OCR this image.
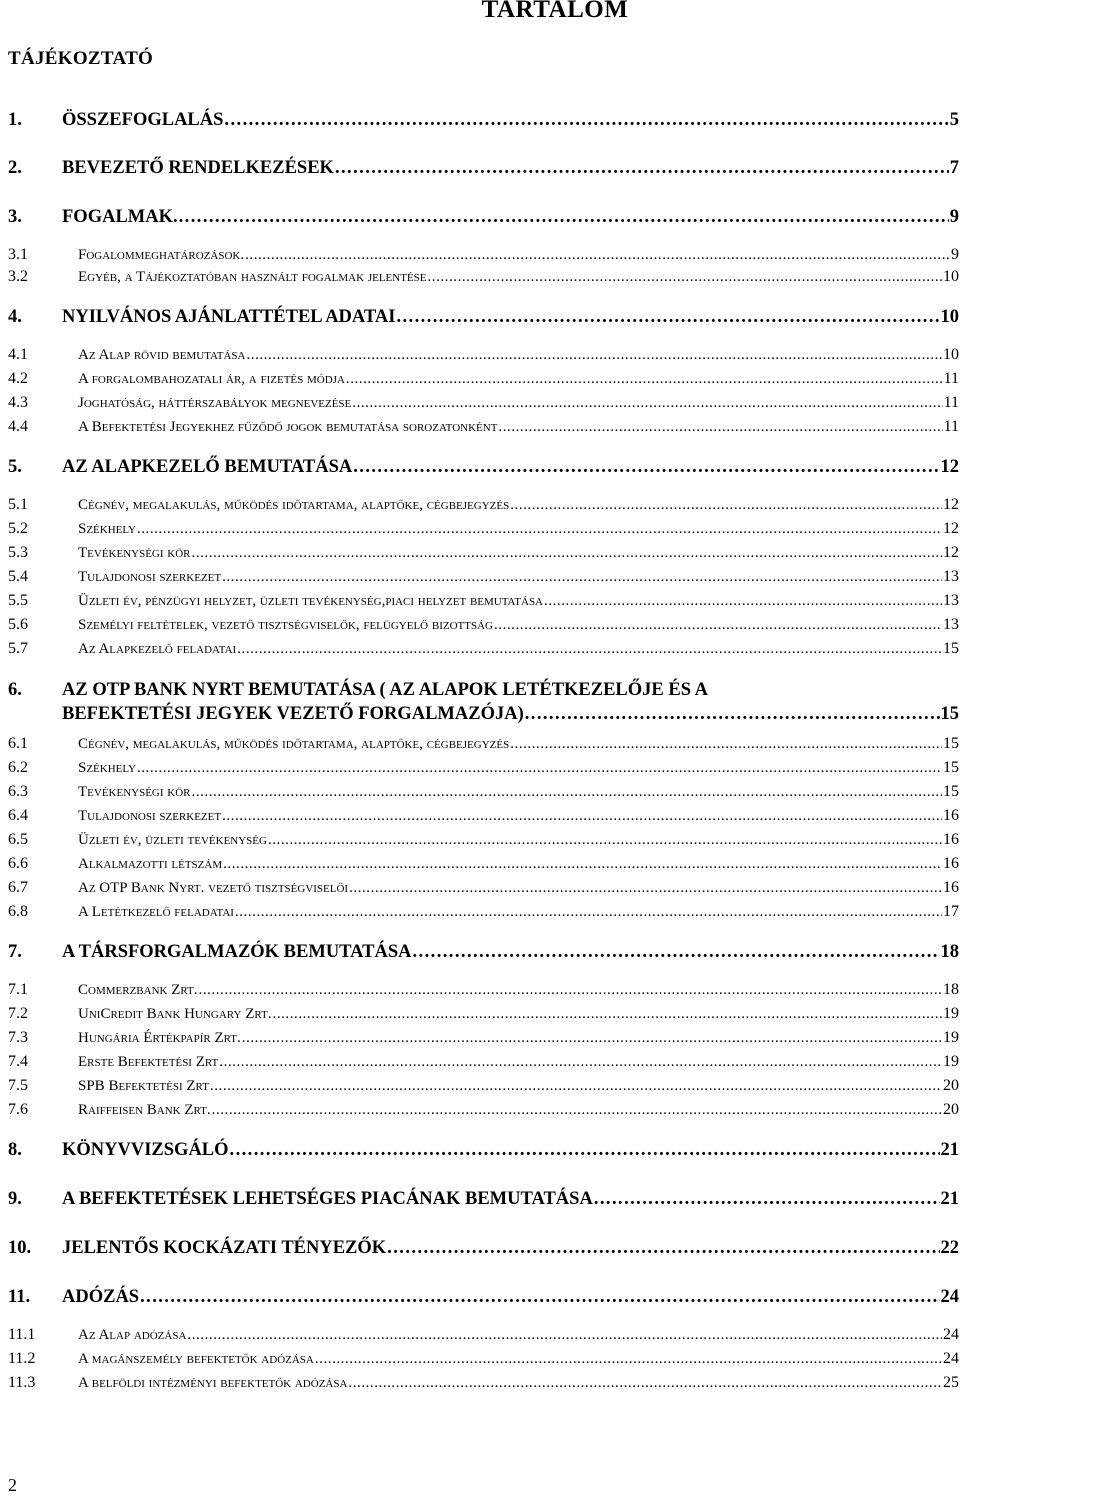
TARTALOM
TÁJÉKOZTATÓ
1.	ÖSSZEFOGLALÁS . . .	5
2.	BEVEZETŐ RENDELKEZÉSEK . . .	7
3.	FOGALMAK. . . .	9
3.1	Fogalommeghatározások. . . .	9
3.2	Egyéb, a Tájékoztatóban használt fogalmak jelentése . . .	10
4.	NYILVÁNOS AJÁNLATTÉTEL ADATAI . . .	10
4.1	Az Alap rövid bemutatása . . .	10
4.2	A forgalombahozatali ár, a fizetés módja . . .	11
4.3	Joghatóság, háttérszabályok megnevezése . . .	11
4.4	A Befektetési Jegyekhez fűződő jogok bemutatása sorozatonként . . .	11
5.	AZ ALAPKEZELŐ BEMUTATÁSA . . .	12
5.1	Cégnév, megalakulás, működés időtartama, alaptőke, cégbejegyzés . . .	12
5.2	Székhely . . .	12
5.3	Tevékenységi kör . . .	12
5.4	Tulajdonosi szerkezet . . .	13
5.5	Üzleti év, pénzügyi helyzet, üzleti tevékenység,piaci helyzet bemutatása . . .	13
5.6	Személyi feltételek, vezető tisztségviselők, felügyelő bizottság . . .	13
5.7	Az Alapkezelő feladatai . . .	15
6. AZ OTP BANK NYRT BEMUTATÁSA ( AZ ALAPOK LETÉTKEZELŐJE ÉS A
BEFEKTETÉSI JEGYEK VEZETŐ FORGALMAZÓJA) . . .	15
6.1	Cégnév, megalakulás, működés időtartama, alaptőke, cégbejegyzés . . .	15
6.2	Székhely . . .	15
6.3	Tevékenységi kör . . .	15
6.4	Tulajdonosi szerkezet . . .	16
6.5	Üzleti év, üzleti tevékenység . . .	16
6.6	Alkalmazotti létszám . . .	16
6.7	Az OTP Bank Nyrt. vezető tisztségviselői . . .	16
6.8	A Letétkezelő feladatai . . .	17
7.	A TÁRSFORGALMAZÓK BEMUTATÁSA . . .	18
7.1	Commerzbank Zrt. . . .	18
7.2	UniCredit Bank Hungary Zrt. . . .	19
7.3	Hungária Értékpapír Zrt. . . .	19
7.4	Erste Befektetési Zrt . . .	19
7.5	SPB Befektetési Zrt . . .	20
7.6	Raiffeisen Bank Zrt. . . .	20
8.	KÖNYVVIZSGÁLÓ . . .	21
9.	A BEFEKTETÉSEK LEHETSÉGES PIACÁNAK BEMUTATÁSA . . .	21
10.	JELENTŐS KOCKÁZATI TÉNYEZŐK . . .	22
11.	ADÓZÁS . . .	24
11.1	Az Alap adózása . . .	24
11.2	A magánszemély befektetők adózása . . .	24
11.3	A belföldi intézményi befektetők adózása . . .	25
2
